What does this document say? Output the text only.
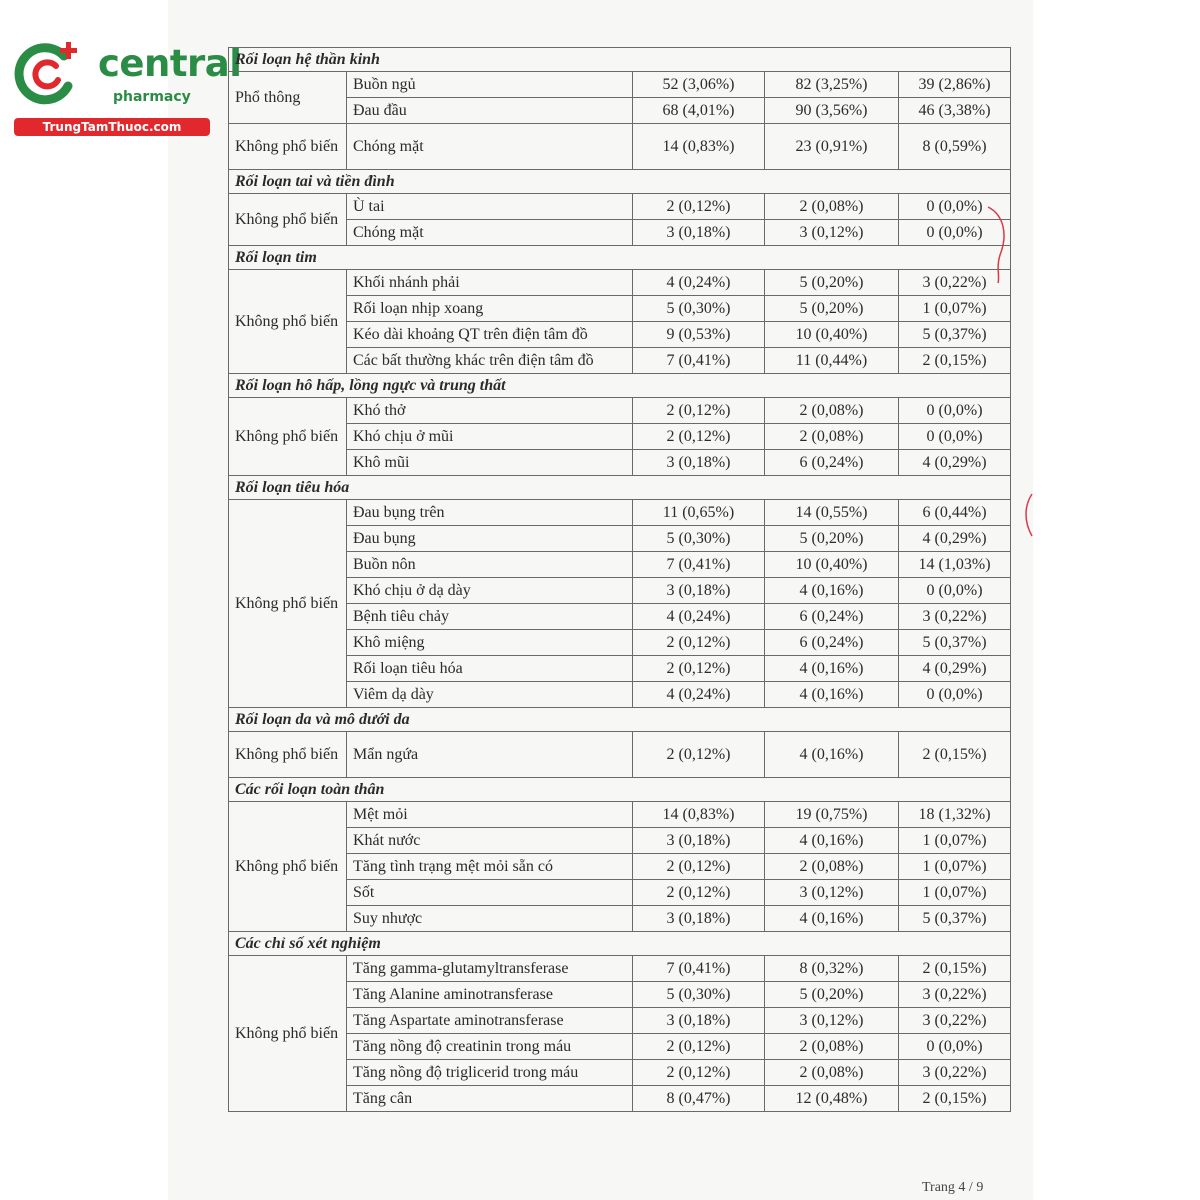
central
pharmacy
TrungTamThuoc.com
Rối loạn hệ thần kinh				
Phổ thông	Buồn ngủ	52 (3,06%)	82 (3,25%)	39 (2,86%)
	Đau đầu	68 (4,01%)	90 (3,56%)	46 (3,38%)
Không phổ biến	Chóng mặt	14 (0,83%)	23 (0,91%)	8 (0,59%)
Rối loạn tai và tiền đình				
Không phổ biến	Ù tai	2 (0,12%)	2 (0,08%)	0 (0,0%)
	Chóng mặt	3 (0,18%)	3 (0,12%)	0 (0,0%)
Rối loạn tim				
Không phổ biến	Khối nhánh phải	4 (0,24%)	5 (0,20%)	3 (0,22%)
	Rối loạn nhịp xoang	5 (0,30%)	5 (0,20%)	1 (0,07%)
	Kéo dài khoảng QT trên điện tâm đồ	9 (0,53%)	10 (0,40%)	5 (0,37%)
	Các bất thường khác trên điện tâm đồ	7 (0,41%)	11 (0,44%)	2 (0,15%)
Rối loạn hô hấp, lồng ngực và trung thất				
Không phổ biến	Khó thở	2 (0,12%)	2 (0,08%)	0 (0,0%)
	Khó chịu ở mũi	2 (0,12%)	2 (0,08%)	0 (0,0%)
	Khô mũi	3 (0,18%)	6 (0,24%)	4 (0,29%)
Rối loạn tiêu hóa				
Không phổ biến	Đau bụng trên	11 (0,65%)	14 (0,55%)	6 (0,44%)
	Đau bụng	5 (0,30%)	5 (0,20%)	4 (0,29%)
	Buồn nôn	7 (0,41%)	10 (0,40%)	14 (1,03%)
	Khó chịu ở dạ dày	3 (0,18%)	4 (0,16%)	0 (0,0%)
	Bệnh tiêu chảy	4 (0,24%)	6 (0,24%)	3 (0,22%)
	Khô miệng	2 (0,12%)	6 (0,24%)	5 (0,37%)
	Rối loạn tiêu hóa	2 (0,12%)	4 (0,16%)	4 (0,29%)
	Viêm dạ dày	4 (0,24%)	4 (0,16%)	0 (0,0%)
Rối loạn da và mô dưới da				
Không phổ biến	Mẩn ngứa	2 (0,12%)	4 (0,16%)	2 (0,15%)
Các rối loạn toàn thân				
Không phổ biến	Mệt mỏi	14 (0,83%)	19 (0,75%)	18 (1,32%)
	Khát nước	3 (0,18%)	4 (0,16%)	1 (0,07%)
	Tăng tình trạng mệt mỏi sẵn có	2 (0,12%)	2 (0,08%)	1 (0,07%)
	Sốt	2 (0,12%)	3 (0,12%)	1 (0,07%)
	Suy nhược	3 (0,18%)	4 (0,16%)	5 (0,37%)
Các chỉ số xét nghiệm				
Không phổ biến	Tăng gamma-glutamyltransferase	7 (0,41%)	8 (0,32%)	2 (0,15%)
	Tăng Alanine aminotransferase	5 (0,30%)	5 (0,20%)	3 (0,22%)
	Tăng Aspartate aminotransferase	3 (0,18%)	3 (0,12%)	3 (0,22%)
	Tăng nồng độ creatinin trong máu	2 (0,12%)	2 (0,08%)	0 (0,0%)
	Tăng nồng độ triglicerid trong máu	2 (0,12%)	2 (0,08%)	3 (0,22%)
	Tăng cân	8 (0,47%)	12 (0,48%)	2 (0,15%)
Trang 4 / 9
